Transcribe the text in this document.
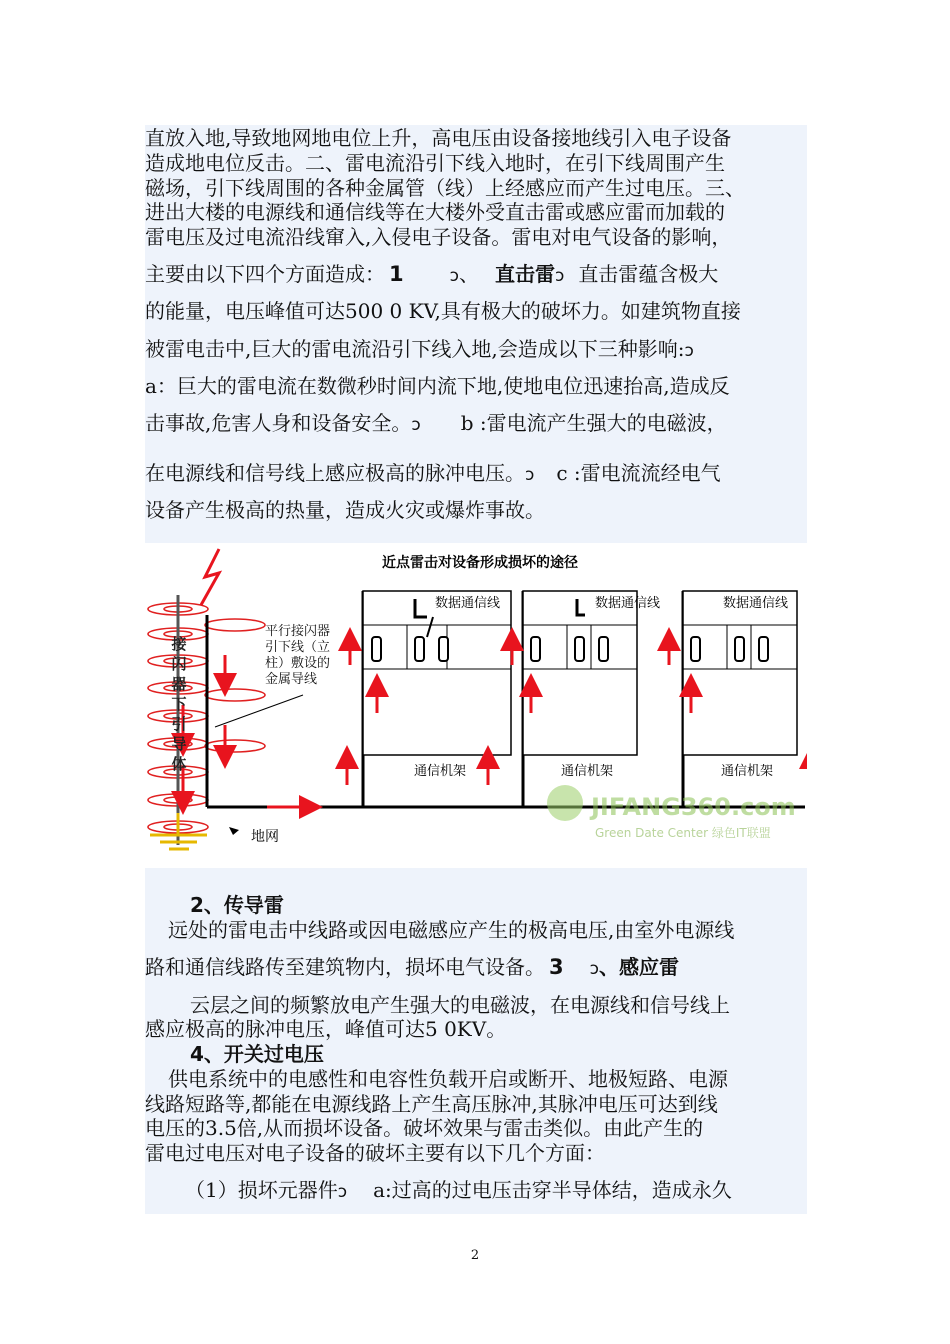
直放入地,导致地网地电位上升，高电压由设备接地线引入电子设备
造成地电位反击。二、雷电流沿引下线入地时，在引下线周围产生
磁场，引下线周围的各种金属管（线）上经感应而产生过电压。三、
进出大楼的电源线和通信线等在大楼外受直击雷或感应雷而加载的
雷电压及过电流沿线窜入,入侵电子设备。雷电对电气设备的影响，
主要由以下四个方面造成： 1	ↄ、 直击雷ↄ 直击雷蕴含极大
的能量，电压峰值可达500 0 KV,具有极大的破坏力。如建筑物直接
被雷电击中,巨大的雷电流沿引下线入地,会造成以下三种影响:ↄ
a：巨大的雷电流在数微秒时间内流下地,使地电位迅速抬高,造成反
击事故,危害人身和设备安全。ↄ b :雷电流产生强大的电磁波，
在电源线和信号线上感应极高的脉冲电压。ↄ c :雷电流流经电气
设备产生极高的热量，造成火灾或爆炸事故。
近点雷击对设备形成损坏的途径
接
闪
器
下
引
导
体
平行接闪器
引下线（立
柱）敷设的
金属导线
地网
数据通信线
通信机架
数据通信线
通信机架
数据通信线
通信机架
JIFANG360.com
Green Date Center 绿色IT联盟
2、传导雷
远处的雷电击中线路或因电磁感应产生的极高电压,由室外电源线
路和通信线路传至建筑物内，损坏电气设备。 3 ↄ、感应雷
云层之间的频繁放电产生强大的电磁波，在电源线和信号线上
感应极高的脉冲电压，峰值可达5 0KV。
4、开关过电压
供电系统中的电感性和电容性负载开启或断开、地极短路、电源
线路短路等,都能在电源线路上产生高压脉冲,其脉冲电压可达到线
电压的3.5倍,从而损坏设备。破坏效果与雷击类似。由此产生的
雷电过电压对电子设备的破坏主要有以下几个方面：
（1）损坏元器件ↄ a:过高的过电压击穿半导体结，造成永久
2
